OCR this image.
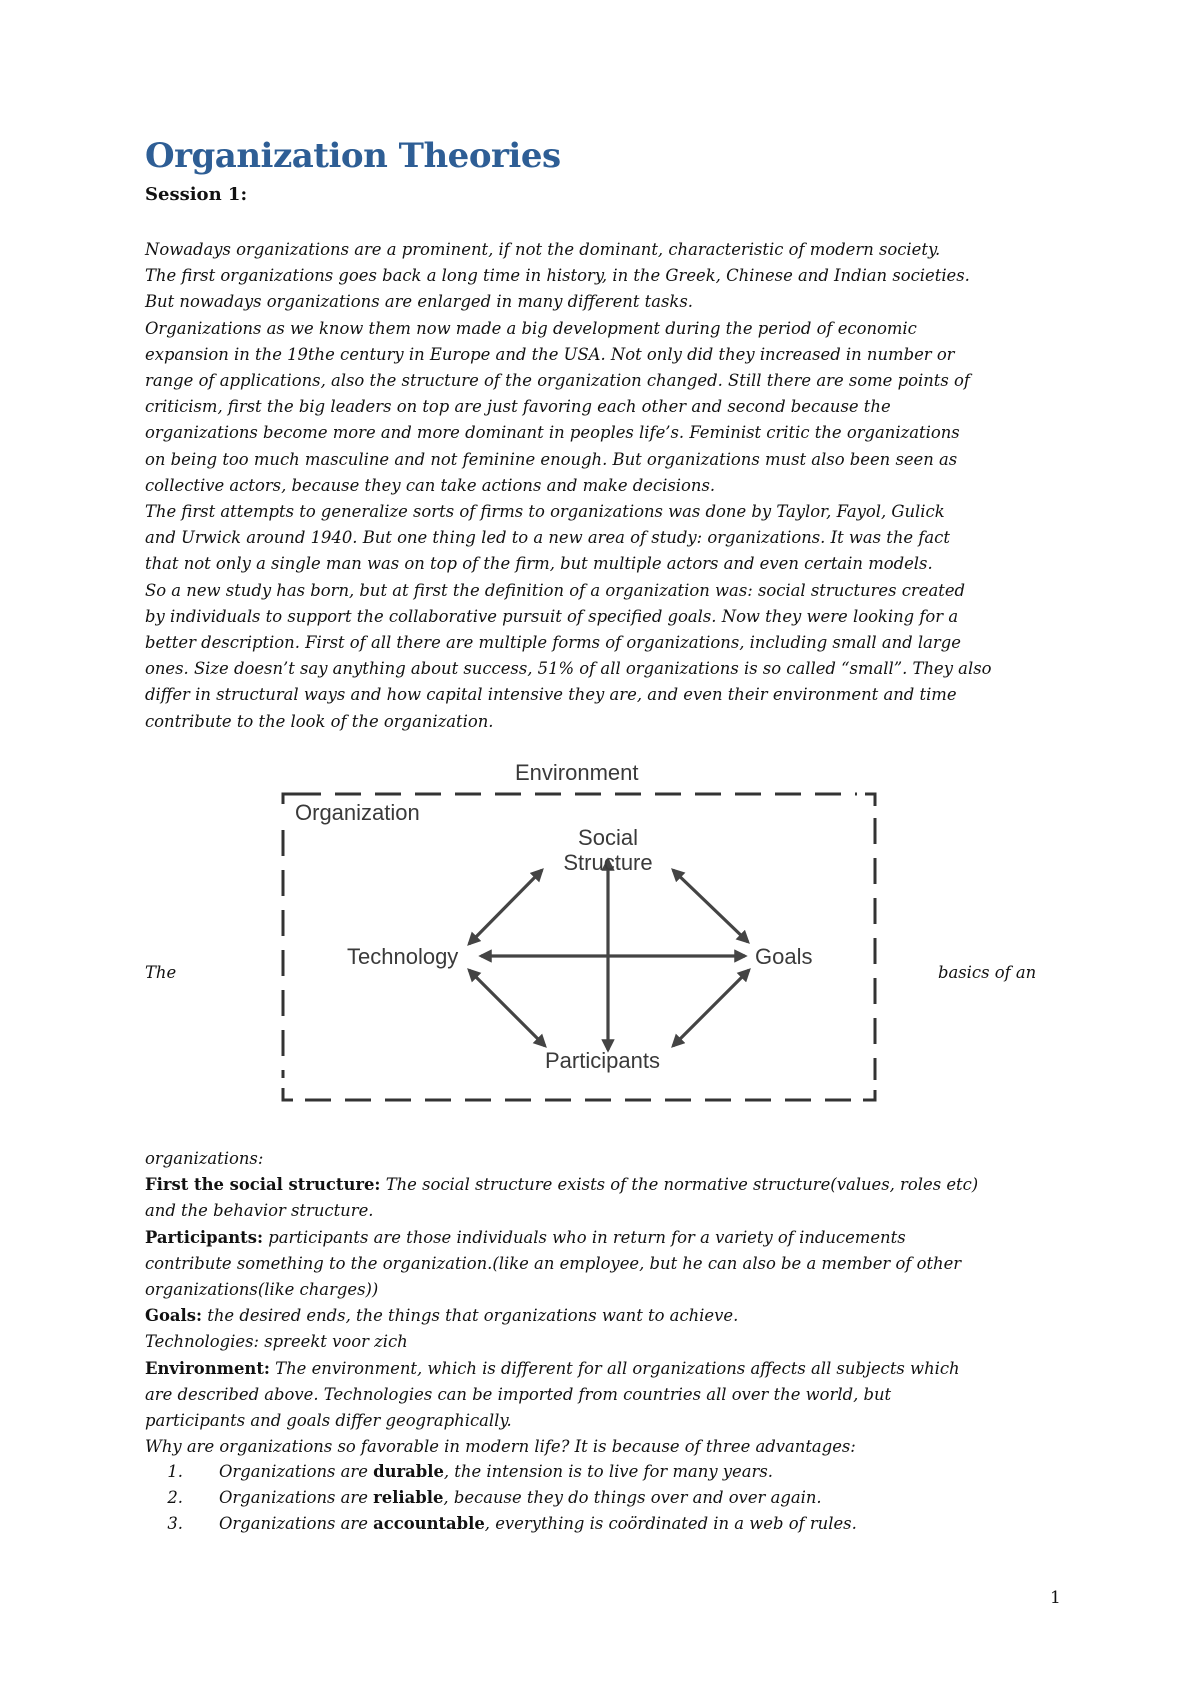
Organization Theories
Session 1:
Nowadays organizations are a prominent, if not the dominant, characteristic of modern society.
The first organizations goes back a long time in history, in the Greek, Chinese and Indian societies.
But nowadays organizations are enlarged in many different tasks.
Organizations as we know them now made a big development during the period of economic
expansion in the 19the century in Europe and the USA. Not only did they increased in number or
range of applications, also the structure of the organization changed. Still there are some points of
criticism, first the big leaders on top are just favoring each other and second because the
organizations become more and more dominant in peoples life’s. Feminist critic the organizations
on being too much masculine and not feminine enough. But organizations must also been seen as
collective actors, because they can take actions and make decisions.
The first attempts to generalize sorts of firms to organizations was done by Taylor, Fayol, Gulick
and Urwick around 1940. But one thing led to a new area of study: organizations. It was the fact
that not only a single man was on top of the firm, but multiple actors and even certain models.
So a new study has born, but at first the definition of a organization was: social structures created
by individuals to support the collaborative pursuit of specified goals. Now they were looking for a
better description. First of all there are multiple forms of organizations, including small and large
ones. Size doesn’t say anything about success, 51% of all organizations is so called “small”. They also
differ in structural ways and how capital intensive they are, and even their environment and time
contribute to the look of the organization.
The	basics of an
Environment
Organization
Social
Structure
Technology	Goals
Participants
organizations:
First the social structure: The social structure exists of the normative structure(values, roles etc)
and the behavior structure.
Participants: participants are those individuals who in return for a variety of inducements
contribute something to the organization.(like an employee, but he can also be a member of other
organizations(like charges))
Goals: the desired ends, the things that organizations want to achieve.
Technologies: spreekt voor zich
Environment: The environment, which is different for all organizations affects all subjects which
are described above. Technologies can be imported from countries all over the world, but
participants and goals differ geographically.
Why are organizations so favorable in modern life? It is because of three advantages:
1. Organizations are durable, the intension is to live for many years.
2. Organizations are reliable, because they do things over and over again.
3. Organizations are accountable, everything is coördinated in a web of rules.
1
